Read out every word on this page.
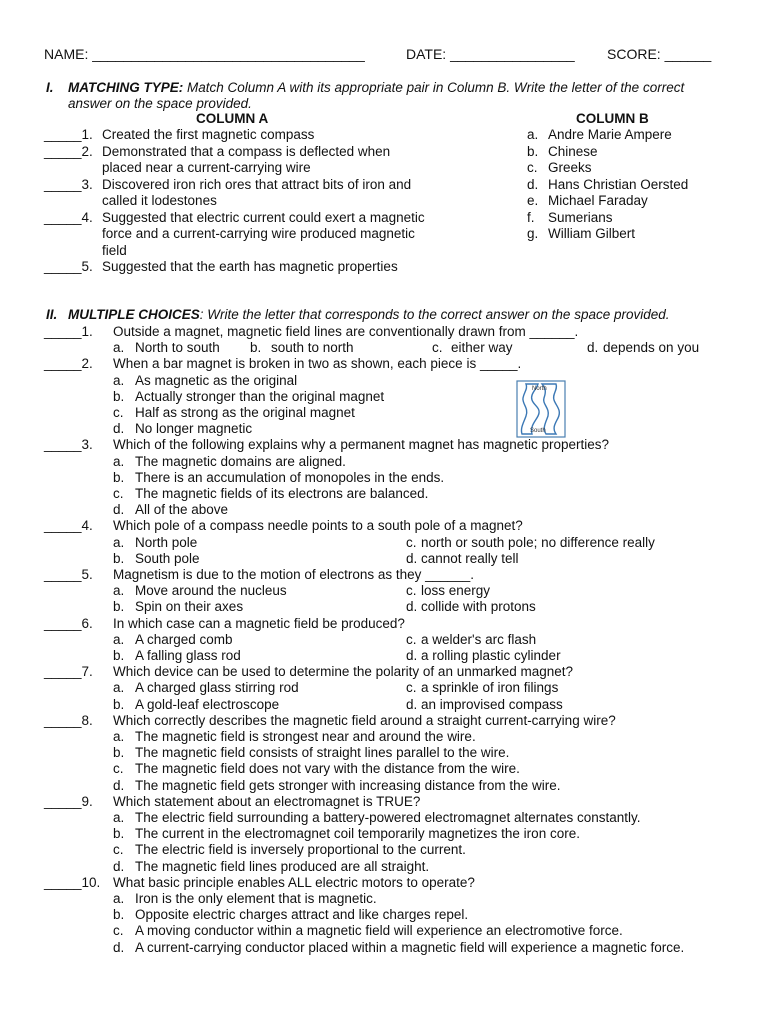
NAME: ___________________________________	DATE: ________________ SCORE: ______
I. MATCHING TYPE: Match Column A with its appropriate pair in Column B. Write the letter of the correct
answer on the space provided.
COLUMN A	COLUMN B
_____1. Created the first magnetic compass
_____2. Demonstrated that a compass is deflected when
placed near a current-carrying wire
_____3. Discovered iron rich ores that attract bits of iron and
called it lodestones
_____4. Suggested that electric current could exert a magnetic
force and a current-carrying wire produced magnetic
field
_____5. Suggested that the earth has magnetic properties
a. Andre Marie Ampere
b. Chinese
c. Greeks
d. Hans Christian Oersted
e. Michael Faraday
f. Sumerians
g. William Gilbert
II. MULTIPLE CHOICES: Write the letter that corresponds to the correct answer on the space provided.
_____1. Outside a magnet, magnetic field lines are conventionally drawn from ______.
a. North to south b. south to north	c. either way	d. depends on you
_____2. When a bar magnet is broken in two as shown, each piece is _____.
a. As magnetic as the original
b. Actually stronger than the original magnet
c. Half as strong as the original magnet
d. No longer magnetic
_____3. Which of the following explains why a permanent magnet has magnetic properties?
a. The magnetic domains are aligned.
b. There is an accumulation of monopoles in the ends.
c. The magnetic fields of its electrons are balanced.
d. All of the above
_____4. Which pole of a compass needle points to a south pole of a magnet?
a. North pole	c. north or south pole; no difference really
b. South pole	d. cannot really tell
_____5. Magnetism is due to the motion of electrons as they ______.
a. Move around the nucleus	c. loss energy
b. Spin on their axes	d. collide with protons
_____6. In which case can a magnetic field be produced?
a. A charged comb	c. a welder's arc flash
b. A falling glass rod	d. a rolling plastic cylinder
_____7. Which device can be used to determine the polarity of an unmarked magnet?
a. A charged glass stirring rod	c. a sprinkle of iron filings
b. A gold-leaf electroscope	d. an improvised compass
_____8. Which correctly describes the magnetic field around a straight current-carrying wire?
a. The magnetic field is strongest near and around the wire.
b. The magnetic field consists of straight lines parallel to the wire.
c. The magnetic field does not vary with the distance from the wire.
d. The magnetic field gets stronger with increasing distance from the wire.
_____9. Which statement about an electromagnet is TRUE?
a. The electric field surrounding a battery-powered electromagnet alternates constantly.
b. The current in the electromagnet coil temporarily magnetizes the iron core.
c. The electric field is inversely proportional to the current.
d. The magnetic field lines produced are all straight.
_____10. What basic principle enables ALL electric motors to operate?
a. Iron is the only element that is magnetic.
b. Opposite electric charges attract and like charges repel.
c. A moving conductor within a magnetic field will experience an electromotive force.
d. A current-carrying conductor placed within a magnetic field will experience a magnetic force.
North
South
